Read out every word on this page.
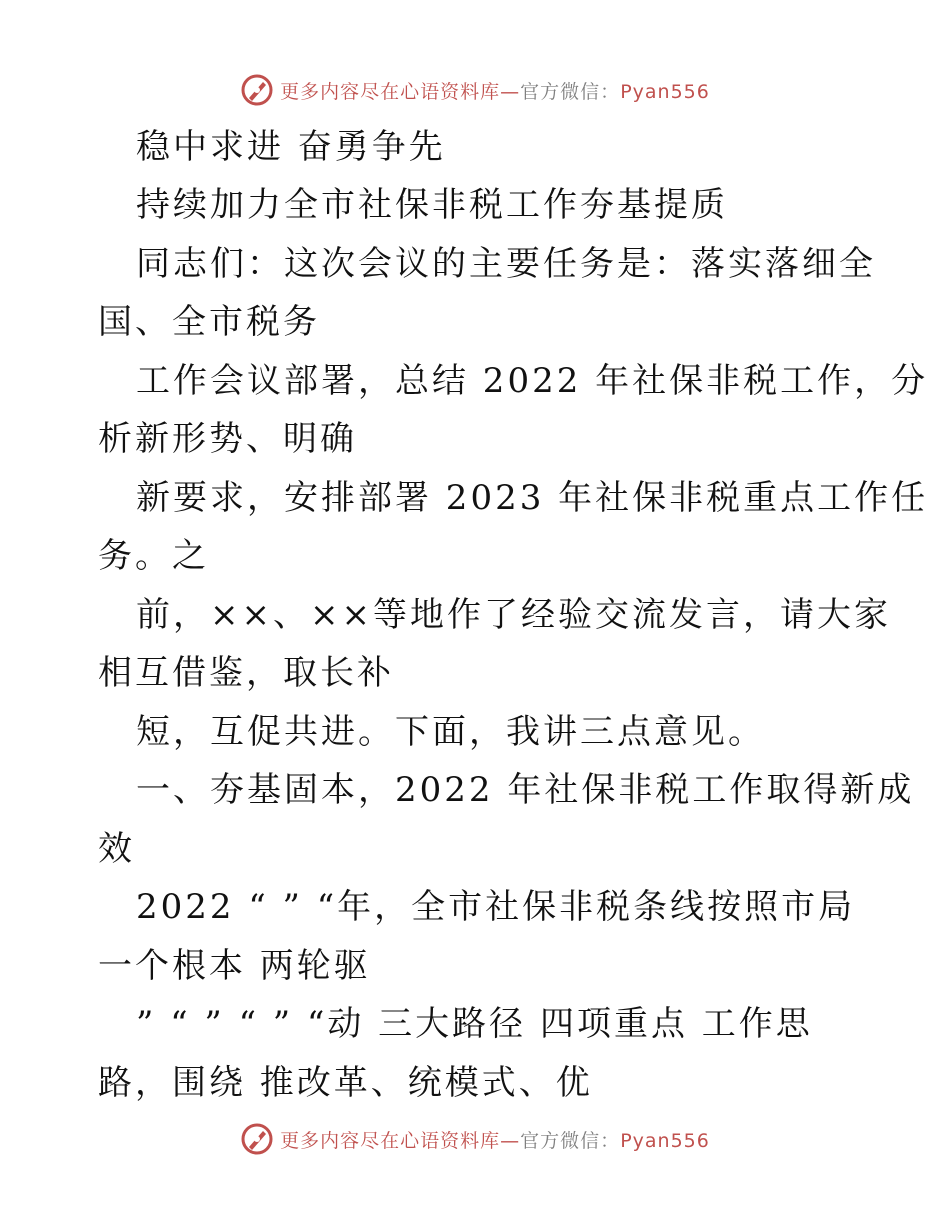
更多内容尽在心语资料库—官方微信：Pyan556
稳中求进 奋勇争先
持续加力全市社保非税工作夯基提质
同志们：这次会议的主要任务是：落实落细全
国、全市税务
工作会议部署，总结 2022 年社保非税工作，分
析新形势、明确
新要求，安排部署 2023 年社保非税重点工作任
务。之
前，××、××等地作了经验交流发言，请大家
相互借鉴，取长补
短，互促共进。下面，我讲三点意见。
一、夯基固本，2022 年社保非税工作取得新成
效
2022 “ ” “年，全市社保非税条线按照市局
一个根本 两轮驱
” “ ” “ ” “动 三大路径 四项重点 工作思
路，围绕 推改革、统模式、优
更多内容尽在心语资料库—官方微信：Pyan556
